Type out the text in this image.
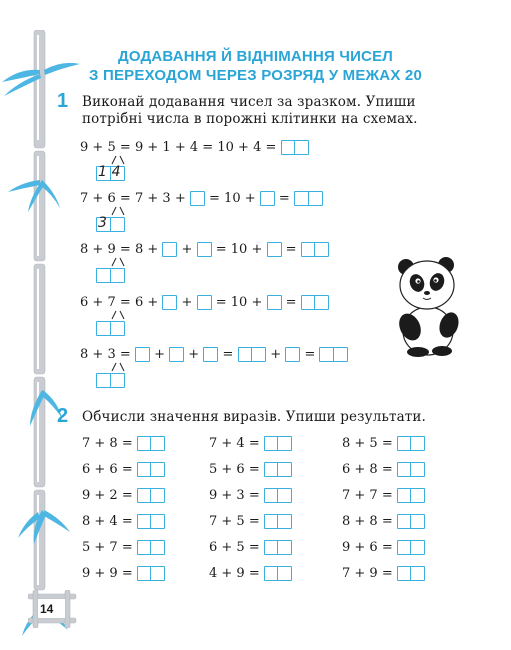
ДОДАВАННЯ Й ВІДНІМАННЯ ЧИСЕЛ
З ПЕРЕХОДОМ ЧЕРЕЗ РОЗРЯД У МЕЖАХ 20
1 Виконай додавання чисел за зразком. Упиши
потрібні числа в порожні клітинки на схемах.
9
+
5
=
9
+
1
+
4
=
10
+
4
=

1 4
7
+
6
=
7
+
3
+
= 10
+
=
3
8
+
9
=
8
+

+

=
10
+

=

6
+
7
=
6
+

+

=
10
+

=

8
+
3
=

+

+

=

	+

=

2 Обчисли значення виразів. Упиши результати.
7 + 8 =

6 + 6 =

9 + 2 =

8 + 4 =

5 + 7 =

9 + 9 =

7 + 4 =

5 + 6 =

9 + 3 =

7 + 5 =

6 + 5 =

4 + 9 =

8 + 5 =

6 + 8 =

7 + 7 =

8 + 8 =

9 + 6 =

7 + 9 =

14
